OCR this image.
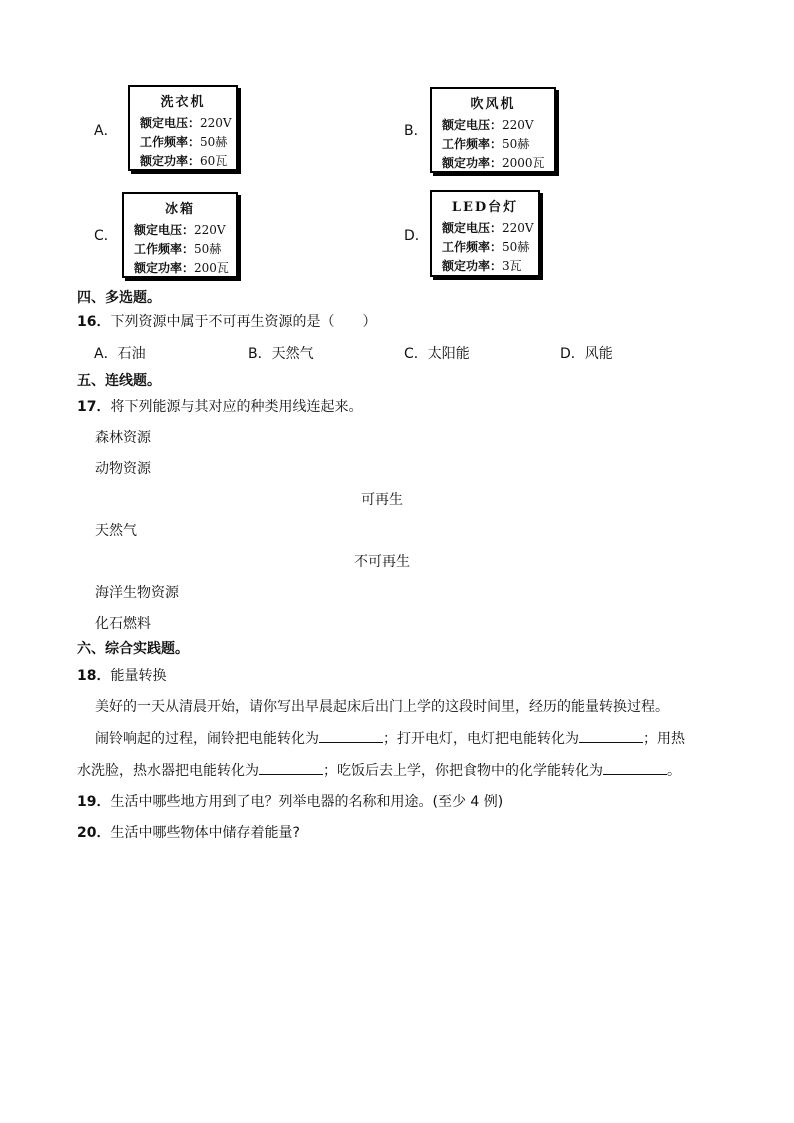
A．
洗衣机
额定电压：220V
工作频率：50赫
额定功率：60瓦
B．
吹风机
额定电压：220V
工作频率：50赫
额定功率：2000瓦
C．
冰箱
额定电压：220V
工作频率：50赫
额定功率：200瓦
D．
LED台灯
额定电压：220V
工作频率：50赫
额定功率：3瓦
四、多选题。
16．下列资源中属于不可再生资源的是（　　）
A．石油	B．天然气	C．太阳能	D．风能
五、连线题。
17．将下列能源与其对应的种类用线连起来。
森林资源
动物资源
可再生
天然气
不可再生
海洋生物资源
化石燃料
六、综合实践题。
18．能量转换
美好的一天从清晨开始，请你写出早晨起床后出门上学的这段时间里，经历的能量转换过程。
闹铃响起的过程，闹铃把电能转化为	；打开电灯，电灯把电能转化为	；用热
水洗脸，热水器把电能转化为	；吃饭后去上学，你把食物中的化学能转化为	。
19．生活中哪些地方用到了电？列举电器的名称和用途。(至少 4 例)
20．生活中哪些物体中储存着能量?
